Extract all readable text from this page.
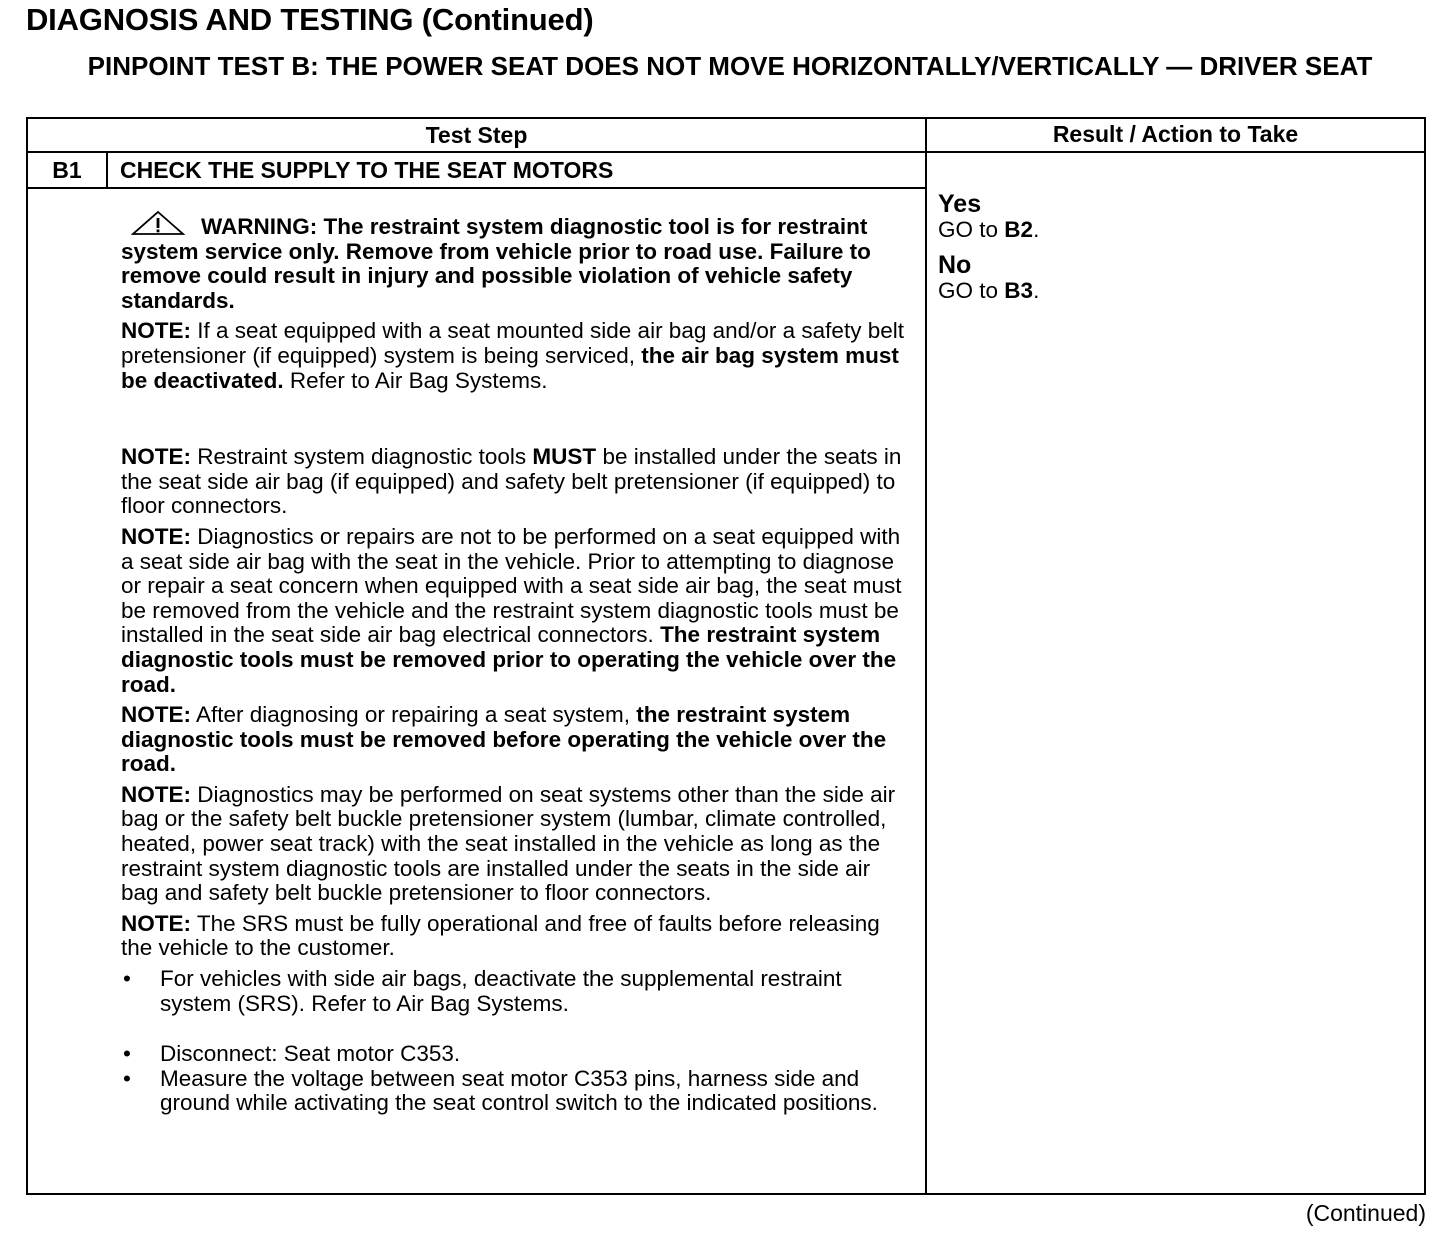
DIAGNOSIS AND TESTING (Continued)
PINPOINT TEST B: THE POWER SEAT DOES NOT MOVE HORIZONTALLY/VERTICALLY — DRIVER SEAT
Test Step	Result / Action to Take
B1	CHECK THE SUPPLY TO THE SEAT MOTORS

WARNING: The restraint system diagnostic tool is for restraint system service only. Remove from vehicle prior to road use. Failure to remove could result in injury and possible violation of vehicle safety standards.

NOTE: If a seat equipped with a seat mounted side air bag and/or a safety belt pretensioner (if equipped) system is being serviced, the air bag system must be deactivated. Refer to Air Bag Systems.

NOTE: Restraint system diagnostic tools MUST be installed under the seats in the seat side air bag (if equipped) and safety belt pretensioner (if equipped) to floor connectors.

NOTE: Diagnostics or repairs are not to be performed on a seat equipped with a seat side air bag with the seat in the vehicle. Prior to attempting to diagnose or repair a seat concern when equipped with a seat side air bag, the seat must be removed from the vehicle and the restraint system diagnostic tools must be installed in the seat side air bag electrical connectors. The restraint system diagnostic tools must be removed prior to operating the vehicle over the road.

NOTE: After diagnosing or repairing a seat system, the restraint system diagnostic tools must be removed before operating the vehicle over the road.

NOTE: Diagnostics may be performed on seat systems other than the side air bag or the safety belt buckle pretensioner system (lumbar, climate controlled, heated, power seat track) with the seat installed in the vehicle as long as the restraint system diagnostic tools are installed under the seats in the side air bag and safety belt buckle pretensioner to floor connectors.

NOTE: The SRS must be fully operational and free of faults before releasing the vehicle to the customer.

• For vehicles with side air bags, deactivate the supplemental restraint system (SRS). Refer to Air Bag Systems.
• Disconnect: Seat motor C353.
• Measure the voltage between seat motor C353 pins, harness side and ground while activating the seat control switch to the indicated positions.
Yes
GO to B2.
No
GO to B3.
(Continued)
